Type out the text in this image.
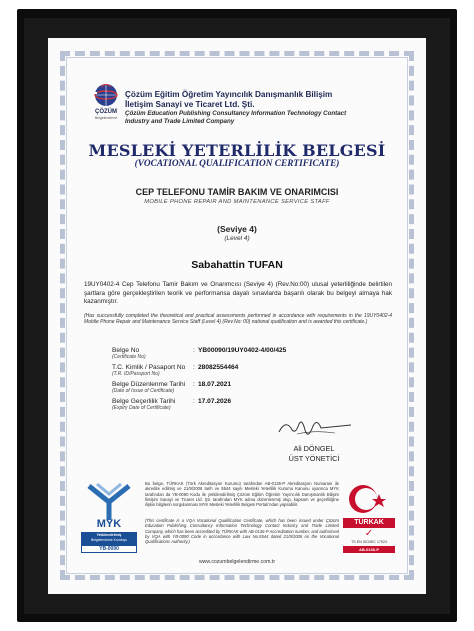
ÇÖZÜM
Belgelendirme
Çözüm Eğitim Öğretim Yayıncılık Danışmanlık Bilişim
İletişim Sanayi ve Ticaret Ltd. Şti.
Çözüm Education Publishing Consultancy Information Technology Contact
Industry and Trade Limited Company
MESLEKİ YETERLİLİK BELGESİ
(VOCATIONAL QUALIFICATION CERTIFICATE)
CEP TELEFONU TAMİR BAKIM VE ONARIMCISI
MOBILE PHONE REPAIR AND MAINTENANCE SERVICE STAFF
(Seviye 4)
(Level 4)
Sabahattin TUFAN
19UY0402-4 Cep Telefonu Tamir Bakım ve Onarımcısı (Seviye 4) (Rev.No:00) ulusal yeterliliğinde belirtilen şartlara göre gerçekleştirilen teorik ve performansa dayalı sınavlarda başarılı olarak bu belgeyi almaya hak kazanmıştır.
(Has successfully completed the theoretical and practical assessments performed in accordance with requirements in the 19UY0402-4 Mobile Phone Repair and Maintenance Service Staff (Level 4) (Rev.No: 00) national qualification and is awarded this certificate.)
Belge No
(Certificate No)
: YB00090/19UY0402-4/00/425
T.C. Kimlik / Pasaport No
(T.R. ID/Passport No)
: 28082554464
Belge Düzenlenme Tarihi
(Date of Issue of Certificate)
: 18.07.2021
Belge Geçerlilik Tarihi
(Expiry Date of Certificate)
: 17.07.2026
Ali DÖNGEL
ÜST YÖNETİCİ
MYK
Yetkilendirilmiş
Belgelendirme Kuruluşu
YB-0090
Bu belge, TÜRKAK (Türk Akreditasyon Kurumu) tarafından AB-0136-P Akreditasyon Numarası ile akredite edilmiş ve 21/9/2006 tarih ve 5544 sayılı Mesleki Yeterlilik Kurumu Kanunu uyarınca MYK tarafından da YB-0090 Kodu ile yetkilendirilmiş Çözüm Eğitim Öğretim Yayıncılık Danışmanlık Bilişim İletişim Sanayi ve Ticaret Ltd. Şti. tarafından MYK adına düzenlenmiş olup, kapsam ve geçerliliğine ilişkin bilgilerin sorgulanması MYK Mesleki Yeterlilik Belgesi Portalı'ndan yapılabilir.
(This certificate is a VQA Vocational Qualification Certificate, which has been issued under Çözüm Education Publishing Consultancy Information Technology Contact Industry and Trade Limited Company, which has been accredited by TÜRKAK with AB-0136-P Accreditation number, and authorised by VQA with YB-0090 Code in accordance with Law No.5544 dated 21/9/2006 on the Vocational Qualifications Authority.)
TÜRKAK
✓
TS EN ISO/IEC 17024
AB-0136-P
www.cozumbelgelendirme.com.tr
